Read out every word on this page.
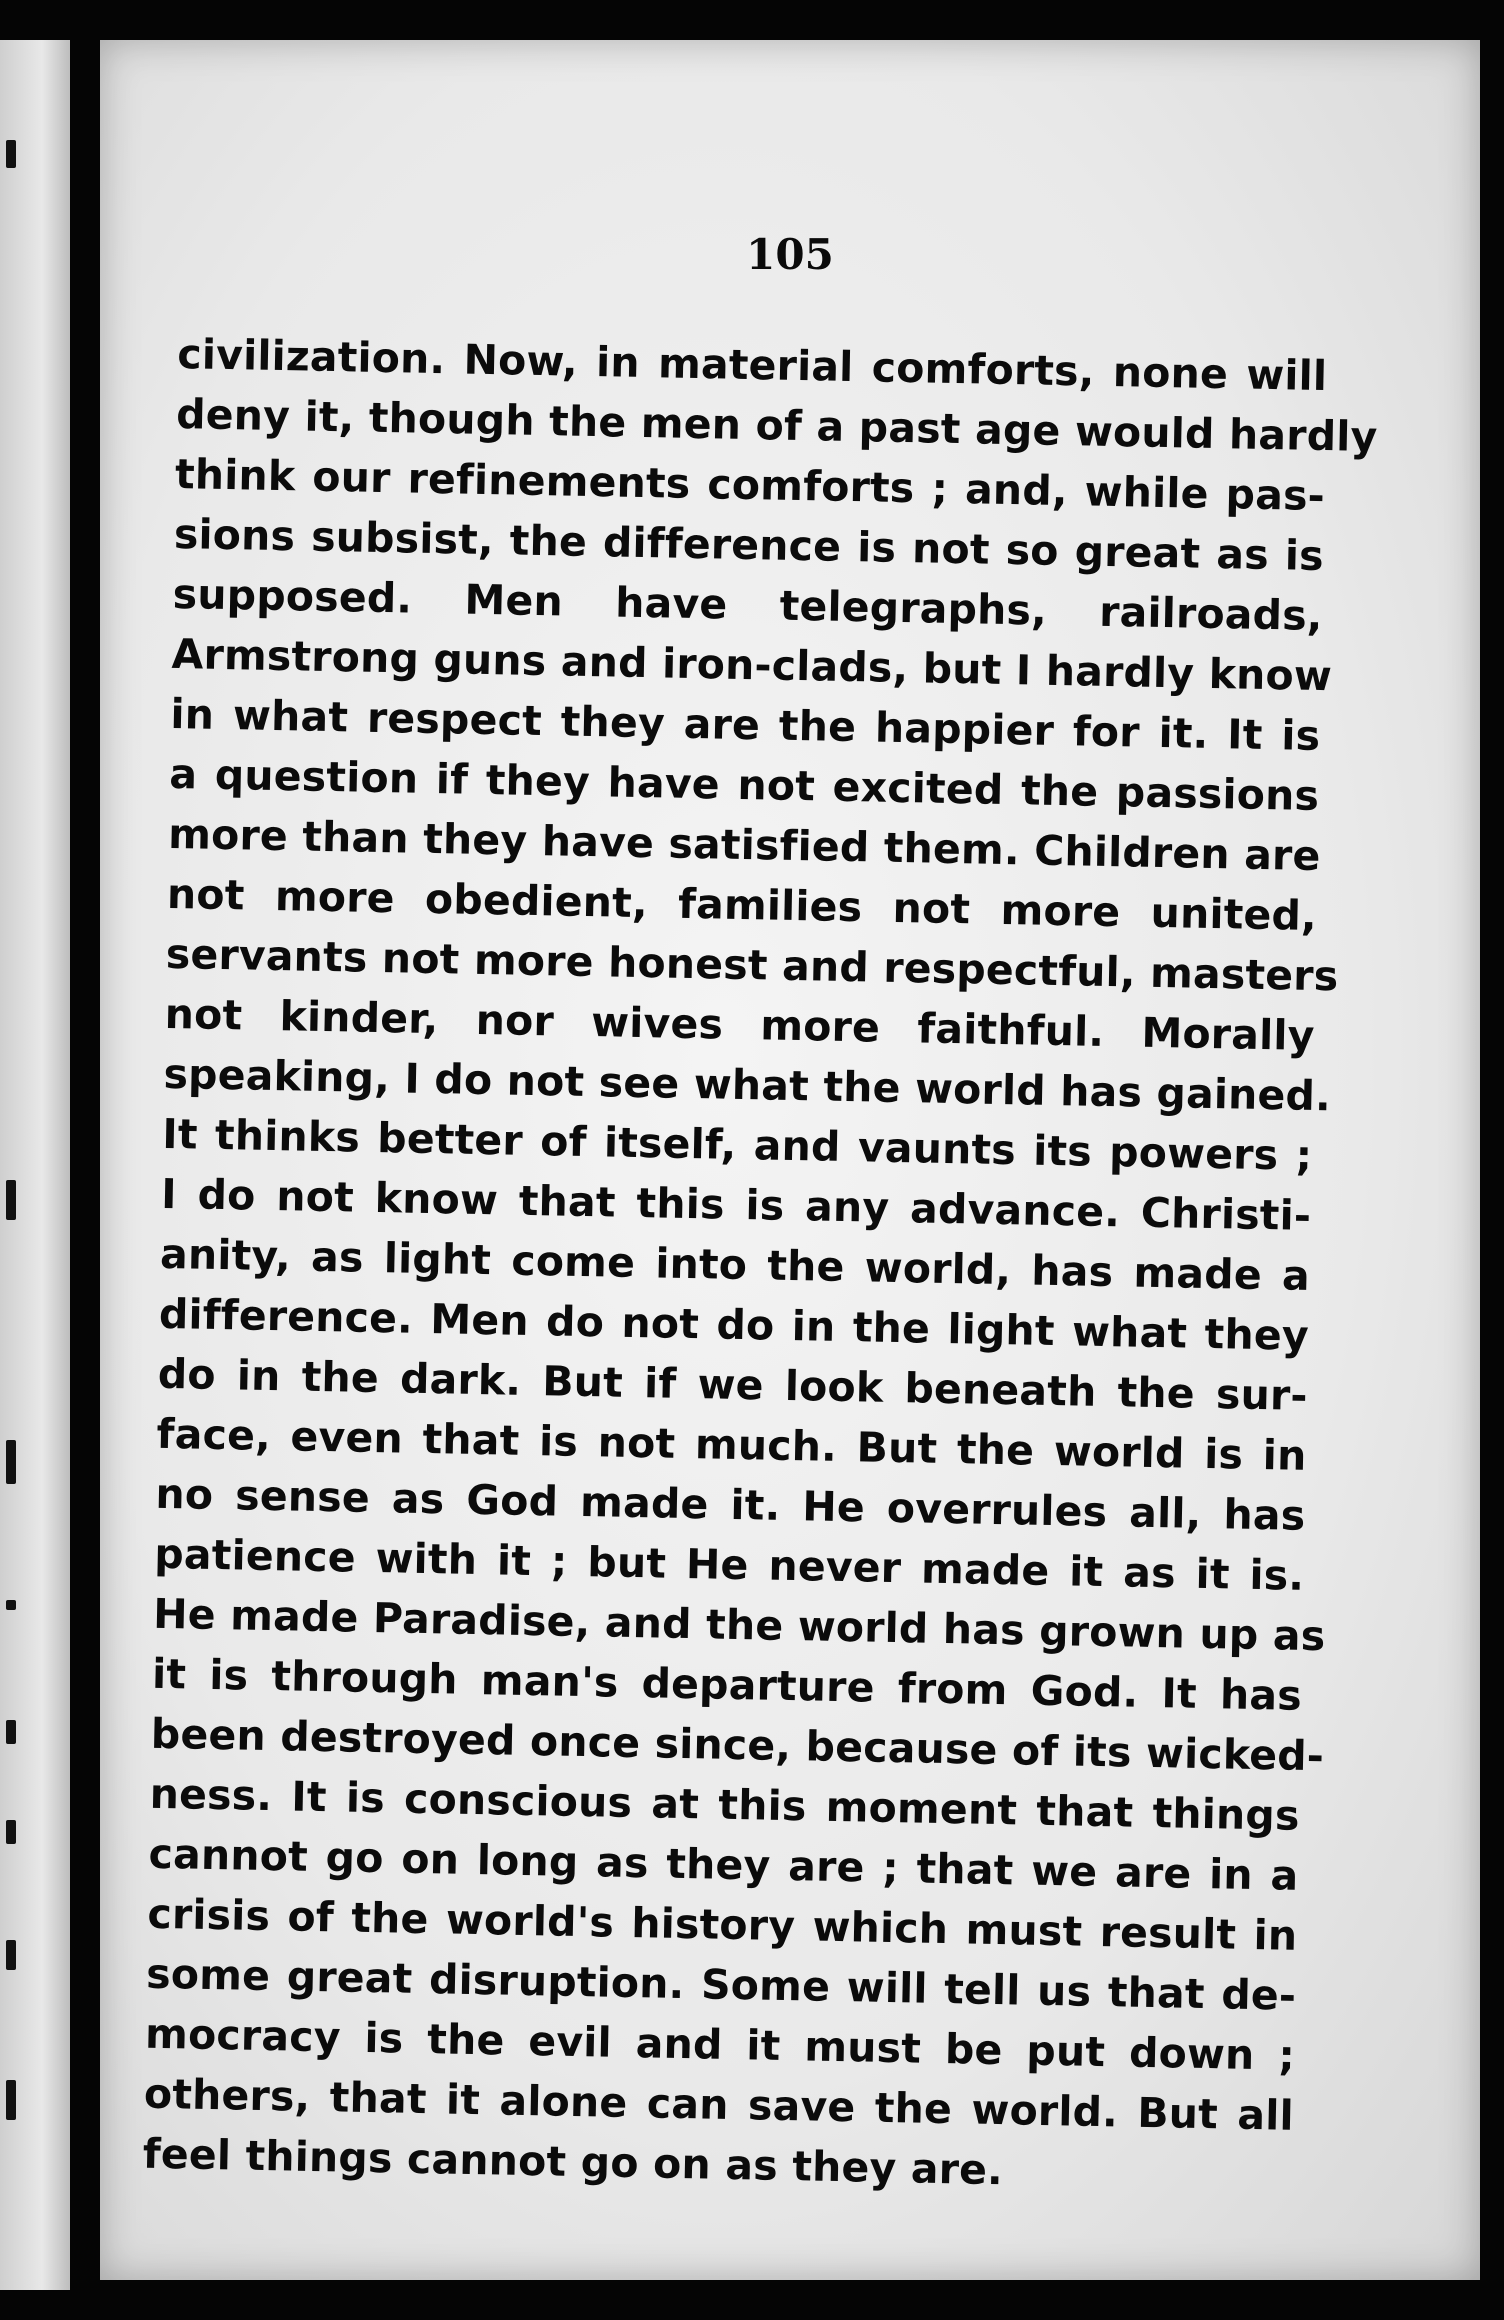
105
civilization. Now, in material comforts, none will
deny it, though the men of a past age would hardly
think our refinements comforts ; and, while pas-
sions subsist, the difference is not so great as is
supposed. Men have telegraphs, railroads,
Armstrong guns and iron-clads, but I hardly know
in what respect they are the happier for it. It is
a question if they have not excited the passions
more than they have satisfied them. Children are
not more obedient, families not more united,
servants not more honest and respectful, masters
not kinder, nor wives more faithful. Morally
speaking, I do not see what the world has gained.
It thinks better of itself, and vaunts its powers ;
I do not know that this is any advance. Christi-
anity, as light come into the world, has made a
difference. Men do not do in the light what they
do in the dark. But if we look beneath the sur-
face, even that is not much. But the world is in
no sense as God made it. He overrules all, has
patience with it ; but He never made it as it is.
He made Paradise, and the world has grown up as
it is through man's departure from God. It has
been destroyed once since, because of its wicked-
ness. It is conscious at this moment that things
cannot go on long as they are ; that we are in a
crisis of the world's history which must result in
some great disruption. Some will tell us that de-
mocracy is the evil and it must be put down ;
others, that it alone can save the world. But all
feel things cannot go on as they are.
